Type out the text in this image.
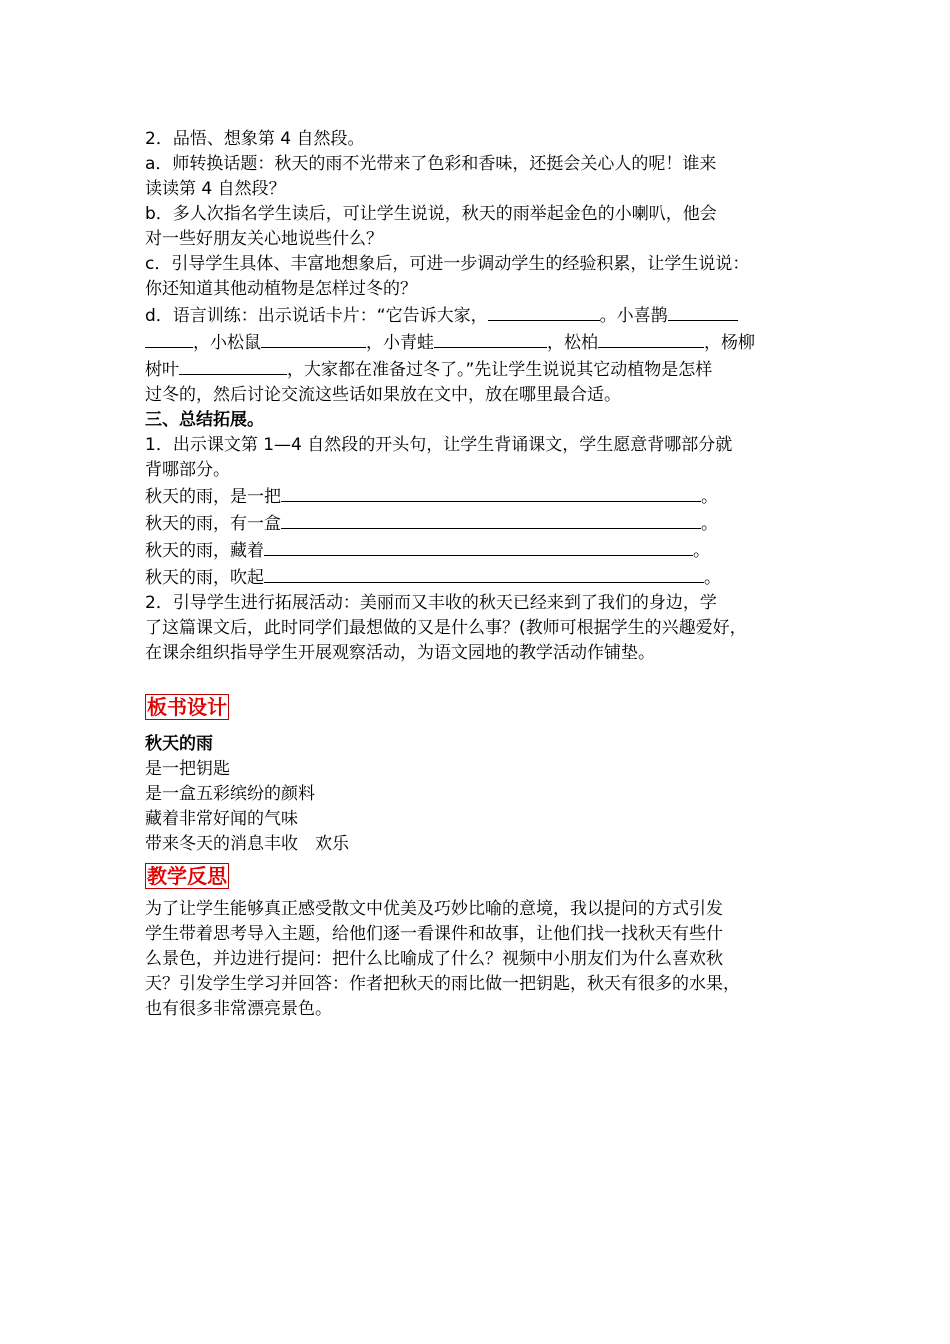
2．品悟、想象第 4 自然段。

a．师转换话题：秋天的雨不光带来了色彩和香味，还挺会关心人的呢！谁来

读读第 4 自然段？

b．多人次指名学生读后，可让学生说说，秋天的雨举起金色的小喇叭，他会

对一些好朋友关心地说些什么？

c．引导学生具体、丰富地想象后，可进一步调动学生的经验积累，让学生说说：

你还知道其他动植物是怎样过冬的？

d．语言训练：出示说话卡片：“它告诉大家，	。小喜鹊

，小松鼠	，小青蛙	，松柏	，杨柳

树叶	，大家都在准备过冬了。”先让学生说说其它动植物是怎样

过冬的，然后讨论交流这些话如果放在文中，放在哪里最合适。

三、总结拓展。

1．出示课文第 1—4 自然段的开头句，让学生背诵课文，学生愿意背哪部分就

背哪部分。

秋天的雨，是一把	。

秋天的雨，有一盒	。

秋天的雨，藏着	。

秋天的雨，吹起	。

2．引导学生进行拓展活动：美丽而又丰收的秋天已经来到了我们的身边，学

了这篇课文后，此时同学们最想做的又是什么事？(教师可根据学生的兴趣爱好，

在课余组织指导学生开展观察活动，为语文园地的教学活动作铺垫。

板书设计

秋天的雨

是一把钥匙

是一盒五彩缤纷的颜料

藏着非常好闻的气味

带来冬天的消息丰收　欢乐

教学反思

为了让学生能够真正感受散文中优美及巧妙比喻的意境，我以提问的方式引发

学生带着思考导入主题，给他们逐一看课件和故事，让他们找一找秋天有些什

么景色，并边进行提问：把什么比喻成了什么？视频中小朋友们为什么喜欢秋

天？引发学生学习并回答：作者把秋天的雨比做一把钥匙，秋天有很多的水果，

也有很多非常漂亮景色。
